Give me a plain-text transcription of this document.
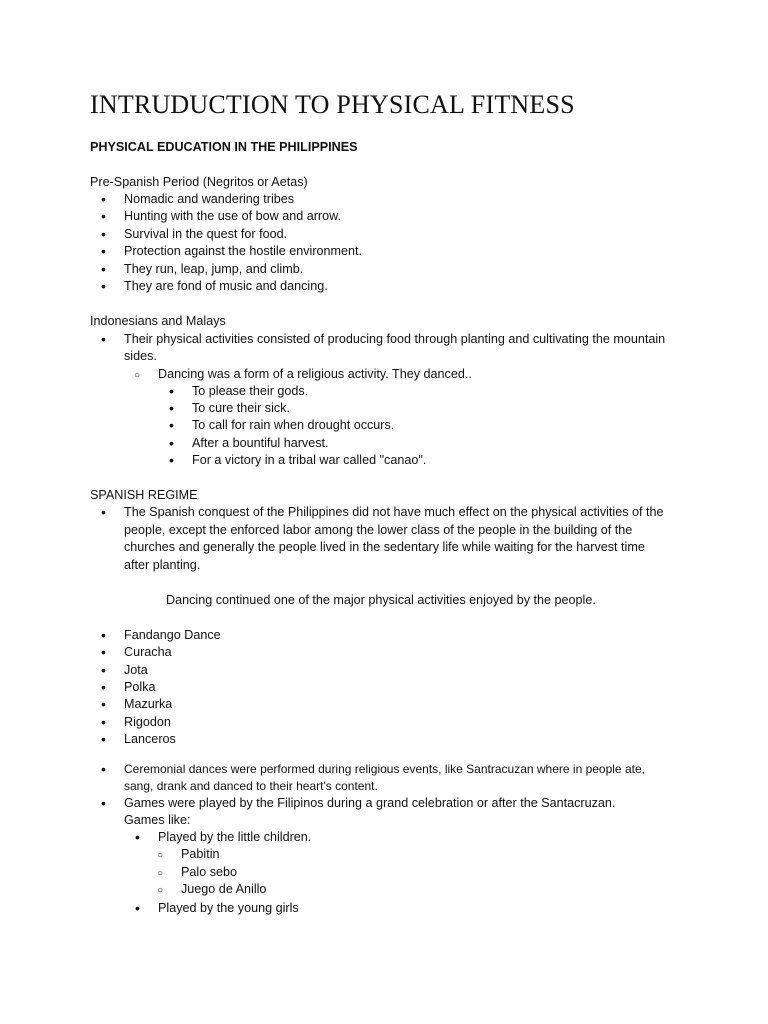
INTRUDUCTION TO PHYSICAL FITNESS
PHYSICAL EDUCATION IN THE PHILIPPINES
Pre-Spanish Period (Negritos or Aetas)
• Nomadic and wandering tribes
• Hunting with the use of bow and arrow.
• Survival in the quest for food.
• Protection against the hostile environment.
• They run, leap, jump, and climb.
• They are fond of music and dancing.
Indonesians and Malays
• Their physical activities consisted of producing food through planting and cultivating the mountain
sides.
○ Dancing was a form of a religious activity. They danced..
• To please their gods.
• To cure their sick.
• To call for rain when drought occurs.
• After a bountiful harvest.
• For a victory in a tribal war called "canao".
SPANISH REGIME
• The Spanish conquest of the Philippines did not have much effect on the physical activities of the
people, except the enforced labor among the lower class of the people in the building of the
churches and generally the people lived in the sedentary life while waiting for the harvest time
after planting.
Dancing continued one of the major physical activities enjoyed by the people.
• Fandango Dance
• Curacha
• Jota
• Polka
• Mazurka
• Rigodon
• Lanceros
• Ceremonial dances were performed during religious events, like Santracuzan where in people ate,
sang, drank and danced to their heart's content.
• Games were played by the Filipinos during a grand celebration or after the Santacruzan.
Games like:
• Played by the little children.
○ Pabitin
○ Palo sebo
○ Juego de Anillo
• Played by the young girls
